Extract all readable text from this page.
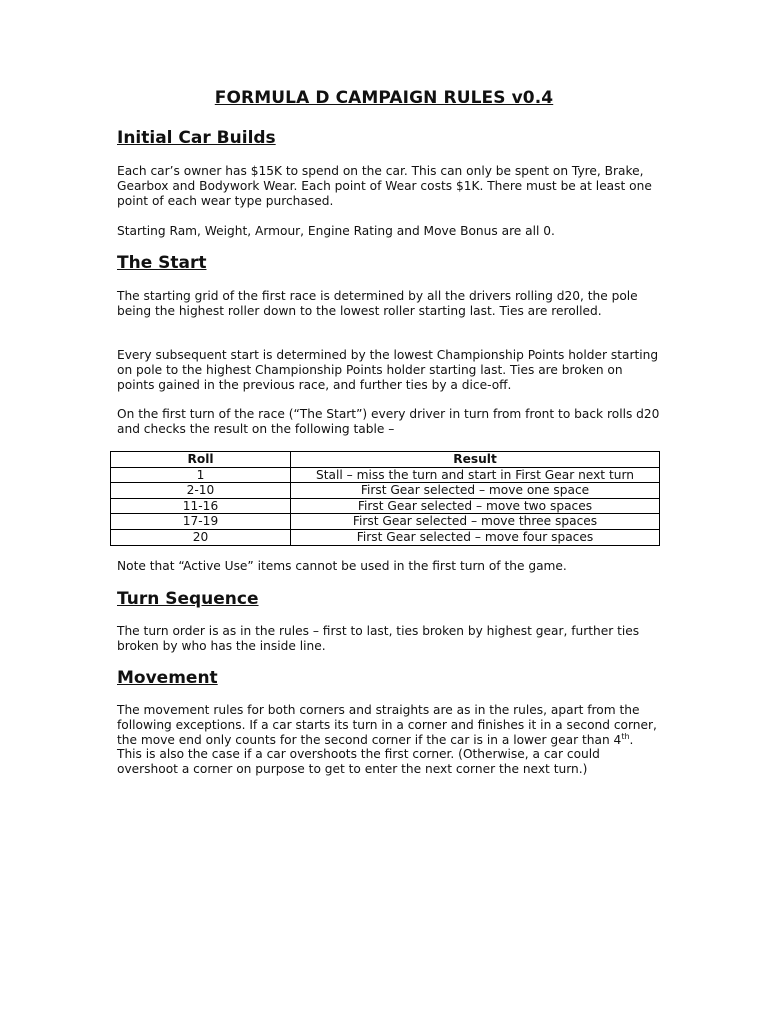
FORMULA D CAMPAIGN RULES v0.4
Initial Car Builds

Each car’s owner has $15K to spend on the car. This can only be spent on Tyre, Brake, Gearbox and Bodywork Wear. Each point of Wear costs $1K. There must be at least one point of each wear type purchased.

Starting Ram, Weight, Armour, Engine Rating and Move Bonus are all 0.

The Start

The starting grid of the first race is determined by all the drivers rolling d20, the pole being the highest roller down to the lowest roller starting last. Ties are rerolled.

Every subsequent start is determined by the lowest Championship Points holder starting on pole to the highest Championship Points holder starting last. Ties are broken on points gained in the previous race, and further ties by a dice-off.

On the first turn of the race (“The Start”) every driver in turn from front to back rolls d20 and checks the result on the following table –

Roll	Result
1	Stall – miss the turn and start in First Gear next turn
2-10	First Gear selected – move one space
11-16	First Gear selected – move two spaces
17-19	First Gear selected – move three spaces
20	First Gear selected – move four spaces

Note that “Active Use” items cannot be used in the first turn of the game.

Turn Sequence

The turn order is as in the rules – first to last, ties broken by highest gear, further ties broken by who has the inside line.

Movement

The movement rules for both corners and straights are as in the rules, apart from the following exceptions. If a car starts its turn in a corner and finishes it in a second corner, the move end only counts for the second corner if the car is in a lower gear than 4th. This is also the case if a car overshoots the first corner. (Otherwise, a car could overshoot a corner on purpose to get to enter the next corner the next turn.)
